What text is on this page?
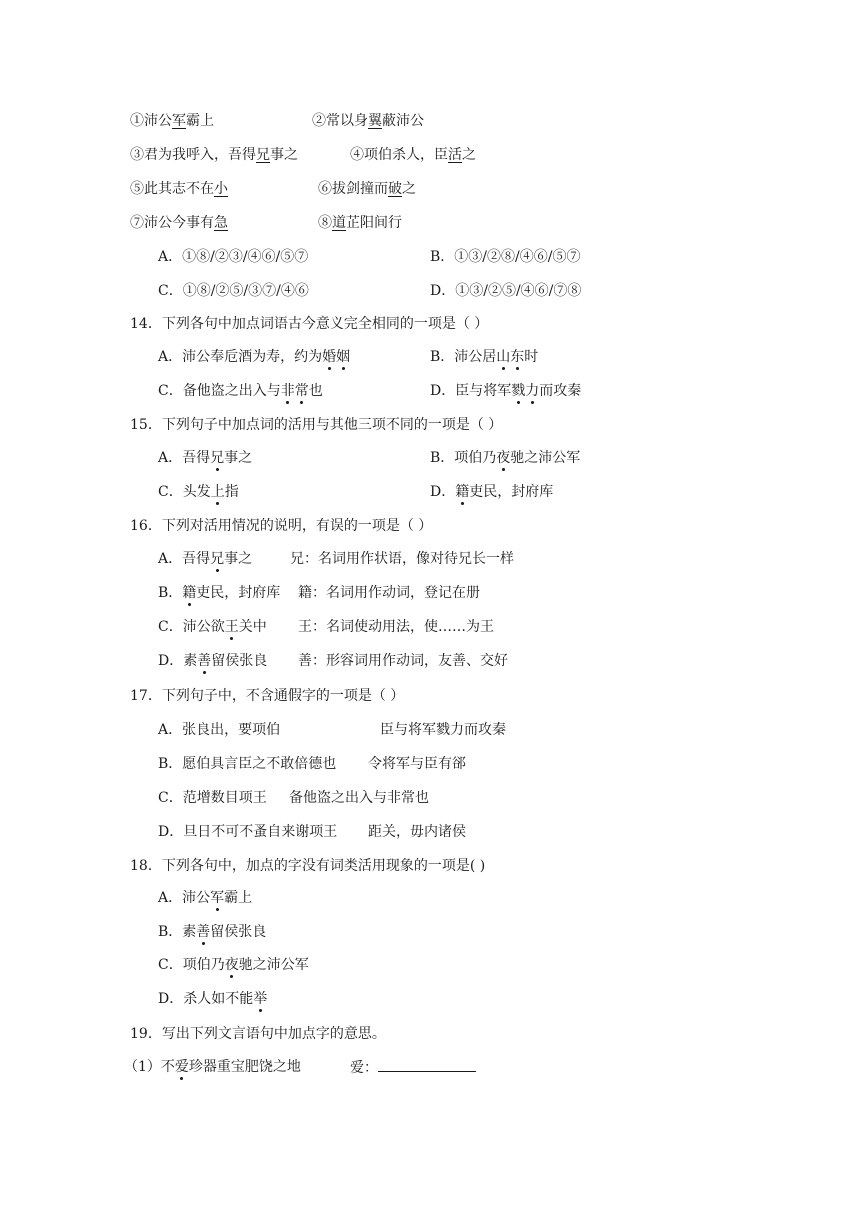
①沛公军霸上	②常以身翼蔽沛公
③君为我呼入，吾得兄事之	④项伯杀人，臣活之
⑤此其志不在小	⑥拔剑撞而破之
⑦沛公今事有急	⑧道芷阳间行
A．①⑧/②③/④⑥/⑤⑦	B．①③/②⑧/④⑥/⑤⑦
C．①⑧/②⑤/③⑦/④⑥	D．①③/②⑤/④⑥/⑦⑧
14．下列各句中加点词语古今意义完全相同的一项是（ ）
A．沛公奉卮酒为寿，约为婚姻	B．沛公居山东时
C．备他盗之出入与非常也	D．臣与将军戮力而攻秦
15．下列句子中加点词的活用与其他三项不同的一项是（ ）
A．吾得兄事之	B．项伯乃夜驰之沛公军
C．头发上指	D．籍吏民，封府库
16．下列对活用情况的说明，有误的一项是（ ）
A．吾得兄事之	兄：名词用作状语，像对待兄长一样
B．籍吏民，封府库 籍：名词用作动词，登记在册
C．沛公欲王关中 王：名词使动用法，使……为王
D．素善留侯张良 善：形容词用作动词，友善、交好
17．下列句子中，不含通假字的一项是（ ）
A．张良出，要项伯	臣与将军戮力而攻秦
B．愿伯具言臣之不敢倍德也 令将军与臣有郤
C．范增数目项王 备他盗之出入与非常也
D．旦日不可不蚤自来谢项王 距关，毋内诸侯
18．下列各句中，加点的字没有词类活用现象的一项是( )
A．沛公军霸上
B．素善留侯张良
C．项伯乃夜驰之沛公军
D．杀人如不能举
19．写出下列文言语句中加点字的意思。
（1）不爱珍器重宝肥饶之地	爱：
